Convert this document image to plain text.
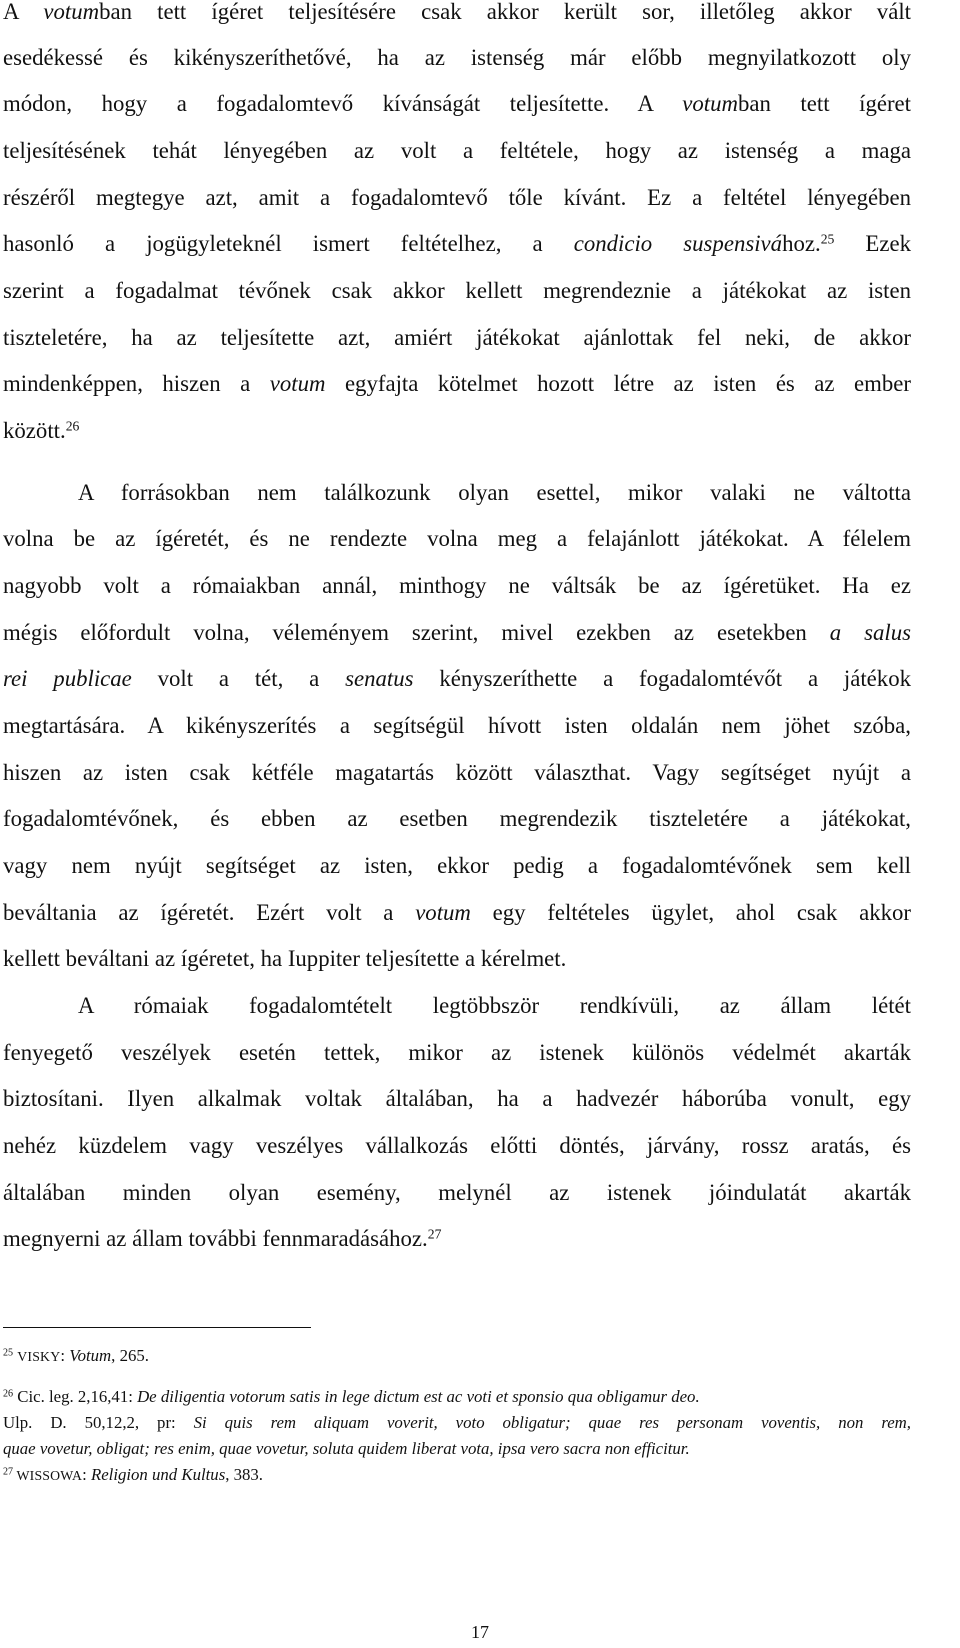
A votumban tett ígéret teljesítésére csak akkor került sor, illetőleg akkor vált
esedékessé és kikényszeríthetővé, ha az istenség már előbb megnyilatkozott oly
módon, hogy a fogadalomtevő kívánságát teljesítette. A votumban tett ígéret
teljesítésének tehát lényegében az volt a feltétele, hogy az istenség a maga
részéről megtegye azt, amit a fogadalomtevő tőle kívánt. Ez a feltétel lényegében
hasonló a jogügyleteknél ismert feltételhez, a condicio suspensivához.$^{25}$ Ezek
szerint a fogadalmat tévőnek csak akkor kellett megrendeznie a játékokat az isten
tiszteletére, ha az teljesítette azt, amiért játékokat ajánlottak fel neki, de akkor
mindenképpen, hiszen a votum egyfajta kötelmet hozott létre az isten és az ember
között.$^{26}$
A forrásokban nem találkozunk olyan esettel, mikor valaki ne váltotta
volna be az ígéretét, és ne rendezte volna meg a felajánlott játékokat. A félelem
nagyobb volt a rómaiakban annál, minthogy ne váltsák be az ígéretüket. Ha ez
mégis előfordult volna, véleményem szerint, mivel ezekben az esetekben a salus
rei publicae volt a tét, a senatus kényszeríthette a fogadalomtévőt a játékok
megtartására. A kikényszerítés a segítségül hívott isten oldalán nem jöhet szóba,
hiszen az isten csak kétféle magatartás között választhat. Vagy segítséget nyújt a
fogadalomtévőnek, és ebben az esetben megrendezik tiszteletére a játékokat,
vagy nem nyújt segítséget az isten, ekkor pedig a fogadalomtévőnek sem kell
beváltania az ígéretét. Ezért volt a votum egy feltételes ügylet, ahol csak akkor
kellett beváltani az ígéretet, ha Iuppiter teljesítette a kérelmet.
A rómaiak fogadalomtételt legtöbbször rendkívüli, az állam létét
fenyegető veszélyek esetén tettek, mikor az istenek különös védelmét akarták
biztosítani. Ilyen alkalmak voltak általában, ha a hadvezér háborúba vonult, egy
nehéz küzdelem vagy veszélyes vállalkozás előtti döntés, járvány, rossz aratás, és
általában minden olyan esemény, melynél az istenek jóindulatát akarták
megnyerni az állam további fennmaradásához.$^{27}$
$^{25}$ VISKY: Votum, 265.
$^{26}$ Cic. leg. 2,16,41: De diligentia votorum satis in lege dictum est ac voti et sponsio qua obligamur deo.
Ulp. D. 50,12,2, pr: Si quis rem aliquam voverit, voto obligatur; quae res personam voventis, non rem,
quae vovetur, obligat; res enim, quae vovetur, soluta quidem liberat vota, ipsa vero sacra non efficitur.
$^{27}$ WISSOWA: Religion und Kultus, 383.
17
